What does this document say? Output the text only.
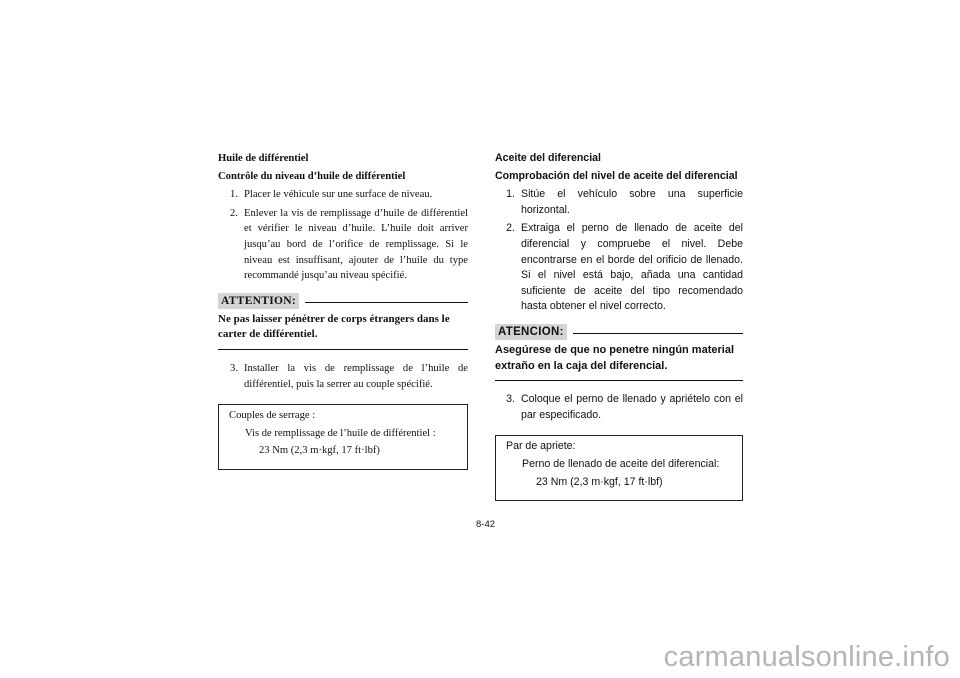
Huile de différentiel

Contrôle du niveau d’huile de différentiel

1. Placer le véhicule sur une surface de niveau.
2. Enlever la vis de remplissage d’huile de différentiel et vérifier le niveau d’huile. L’huile doit arriver jusqu’au bord de l’orifice de remplissage. Si le niveau est insuffisant, ajouter de l’huile du type recommandé jusqu’au niveau spécifié.
ATTENTION:

Ne pas laisser pénétrer de corps étrangers dans le carter de différentiel.

3. Installer la vis de remplissage de l’huile de différentiel, puis la serrer au couple spécifié.

Couples de serrage :

Vis de remplissage de l’huile de différentiel :

23 Nm (2,3 m·kgf, 17 ft·lbf)

Aceite del diferencial

Comprobación del nivel de aceite del diferencial

1. Sitúe el vehículo sobre una superficie horizontal.
2. Extraiga el perno de llenado de aceite del diferencial y compruebe el nivel. Debe encontrarse en el borde del orificio de llenado. Si el nivel está bajo, añada una cantidad suficiente de aceite del tipo recomendado hasta obtener el nivel correcto.
ATENCION:

Asegúrese de que no penetre ningún material extraño en la caja del diferencial.

3. Coloque el perno de llenado y apriételo con el par especificado.

Par de apriete:

Perno de llenado de aceite del diferencial:

23 Nm (2,3 m·kgf, 17 ft·lbf)

8-42
carmanualsonline.info
